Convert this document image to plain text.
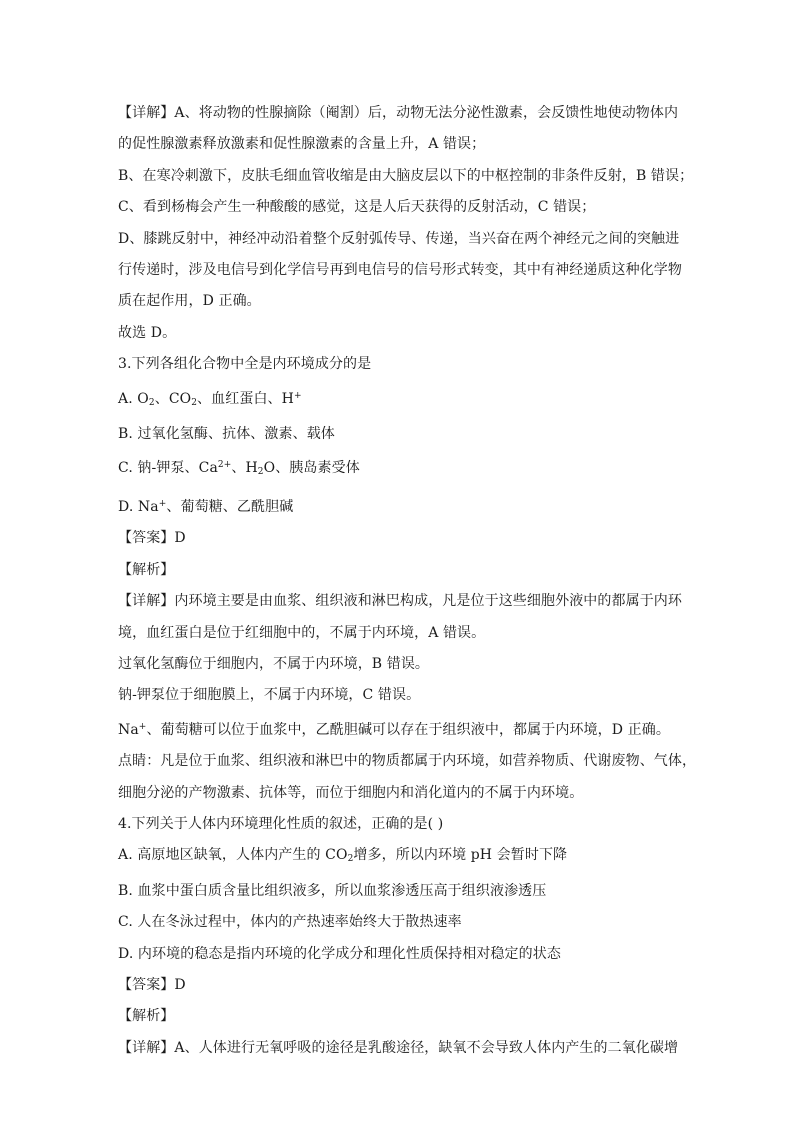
【详解】A、将动物的性腺摘除（阉割）后，动物无法分泌性激素，会反馈性地使动物体内
的促性腺激素释放激素和促性腺激素的含量上升，A 错误；
B、在寒冷刺激下，皮肤毛细血管收缩是由大脑皮层以下的中枢控制的非条件反射，B 错误；
C、看到杨梅会产生一种酸酸的感觉，这是人后天获得的反射活动，C 错误；
D、膝跳反射中，神经冲动沿着整个反射弧传导、传递，当兴奋在两个神经元之间的突触进
行传递时，涉及电信号到化学信号再到电信号的信号形式转变，其中有神经递质这种化学物
质在起作用，D 正确。
故选 D。
3.下列各组化合物中全是内环境成分的是
A. $O_2$、$CO_2$、血红蛋白、H+
B. 过氧化氢酶、抗体、激素、载体
C. 钠-钾泵、$Ca^{2+}$、$H_2O$、胰岛素受体
D. Na+、葡萄糖、乙酰胆碱
【答案】D
【解析】
【详解】内环境主要是由血浆、组织液和淋巴构成，凡是位于这些细胞外液中的都属于内环
境，血红蛋白是位于红细胞中的，不属于内环境，A 错误。
过氧化氢酶位于细胞内，不属于内环境，B 错误。
钠-钾泵位于细胞膜上，不属于内环境，C 错误。
Na+、葡萄糖可以位于血浆中，乙酰胆碱可以存在于组织液中，都属于内环境，D 正确。
点睛：凡是位于血浆、组织液和淋巴中的物质都属于内环境，如营养物质、代谢废物、气体，
细胞分泌的产物激素、抗体等，而位于细胞内和消化道内的不属于内环境。
4.下列关于人体内环境理化性质的叙述，正确的是( )
A. 高原地区缺氧，人体内产生的 $CO_2$增多，所以内环境 pH 会暂时下降
B. 血浆中蛋白质含量比组织液多，所以血浆渗透压高于组织液渗透压
C. 人在冬泳过程中，体内的产热速率始终大于散热速率
D. 内环境的稳态是指内环境的化学成分和理化性质保持相对稳定的状态
【答案】D
【解析】
【详解】A、人体进行无氧呼吸的途径是乳酸途径，缺氧不会导致人体内产生的二氧化碳增
